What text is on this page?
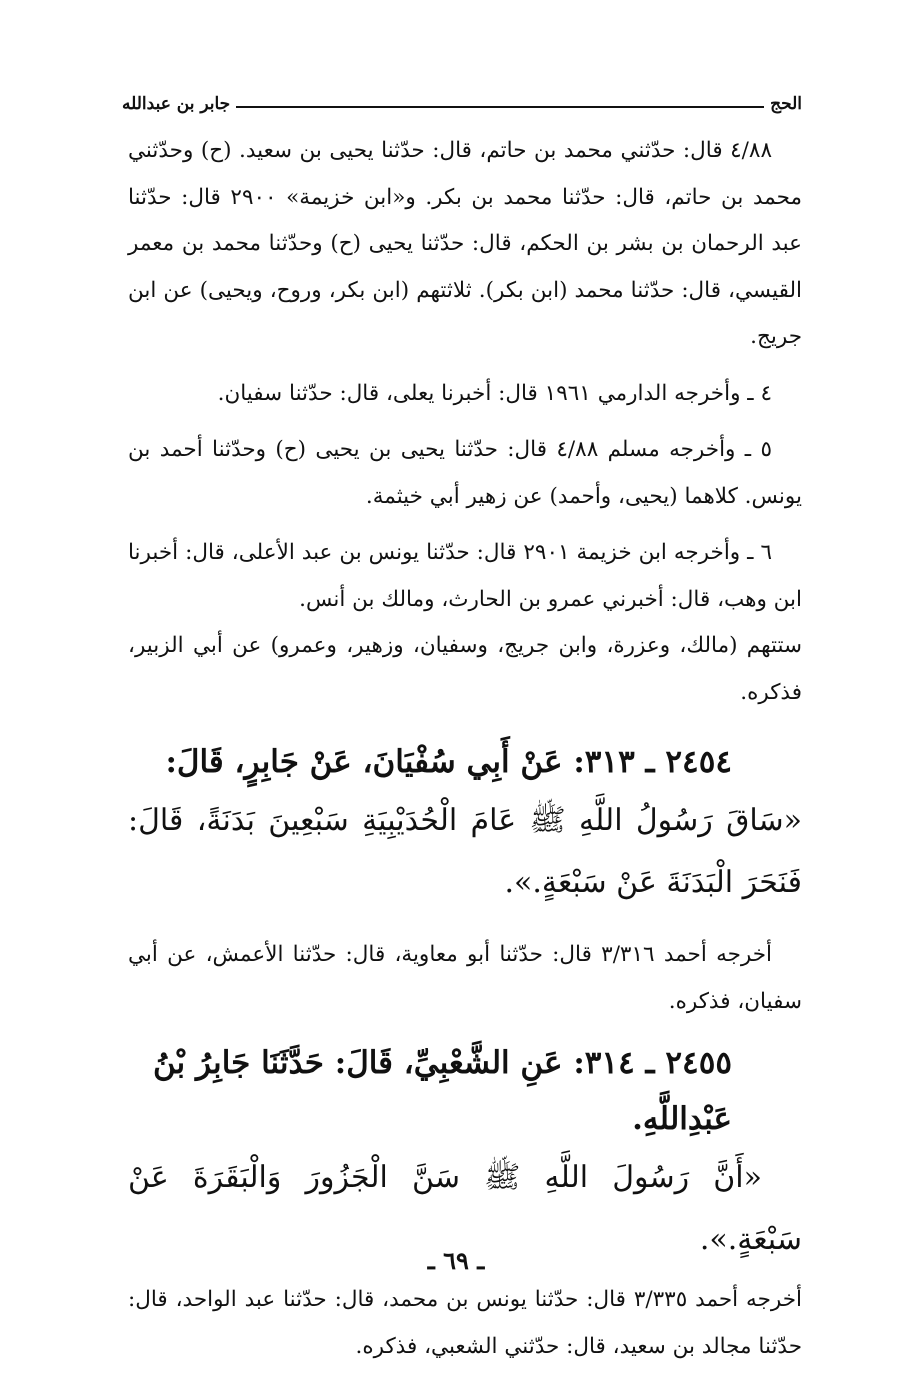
الحج
جابر بن عبدالله

٤/٨٨ قال: حدّثني محمد بن حاتم، قال: حدّثنا يحيى بن سعيد. (ح) وحدّثني محمد بن حاتم، قال: حدّثنا محمد بن بكر. و«ابن خزيمة» ٢٩٠٠ قال: حدّثنا عبد الرحمان بن بشر بن الحكم، قال: حدّثنا يحيى (ح) وحدّثنا محمد بن معمر القيسي، قال: حدّثنا محمد (ابن بكر). ثلاثتهم (ابن بكر، وروح، ويحيى) عن ابن جريج.

٤ ـ وأخرجه الدارمي ١٩٦١ قال: أخبرنا يعلى، قال: حدّثنا سفيان.

٥ ـ وأخرجه مسلم ٤/٨٨ قال: حدّثنا يحيى بن يحيى (ح) وحدّثنا أحمد بن يونس. كلاهما (يحيى، وأحمد) عن زهير أبي خيثمة.

٦ ـ وأخرجه ابن خزيمة ٢٩٠١ قال: حدّثنا يونس بن عبد الأعلى، قال: أخبرنا ابن وهب، قال: أخبرني عمرو بن الحارث، ومالك بن أنس.

ستتهم (مالك، وعزرة، وابن جريج، وسفيان، وزهير، وعمرو) عن أبي الزبير، فذكره.

٢٤٥٤ ـ ٣١٣: عَنْ أَبِي سُفْيَانَ، عَنْ جَابِرٍ، قَالَ:

«سَاقَ رَسُولُ اللَّهِ ﷺ عَامَ الْحُدَيْبِيَةِ سَبْعِينَ بَدَنَةً، قَالَ: فَنَحَرَ الْبَدَنَةَ عَنْ سَبْعَةٍ.».

أخرجه أحمد ٣/٣١٦ قال: حدّثنا أبو معاوية، قال: حدّثنا الأعمش، عن أبي سفيان، فذكره.

٢٤٥٥ ـ ٣١٤: عَنِ الشَّعْبِيِّ، قَالَ: حَدَّثَنَا جَابِرُ بْنُ عَبْدِاللَّهِ.

«أَنَّ رَسُولَ اللَّهِ ﷺ سَنَّ الْجَزُورَ وَالْبَقَرَةَ عَنْ سَبْعَةٍ.».

أخرجه أحمد ٣/٣٣٥ قال: حدّثنا يونس بن محمد، قال: حدّثنا عبد الواحد، قال: حدّثنا مجالد بن سعيد، قال: حدّثني الشعبي، فذكره.

ـ ٦٩ ـ
